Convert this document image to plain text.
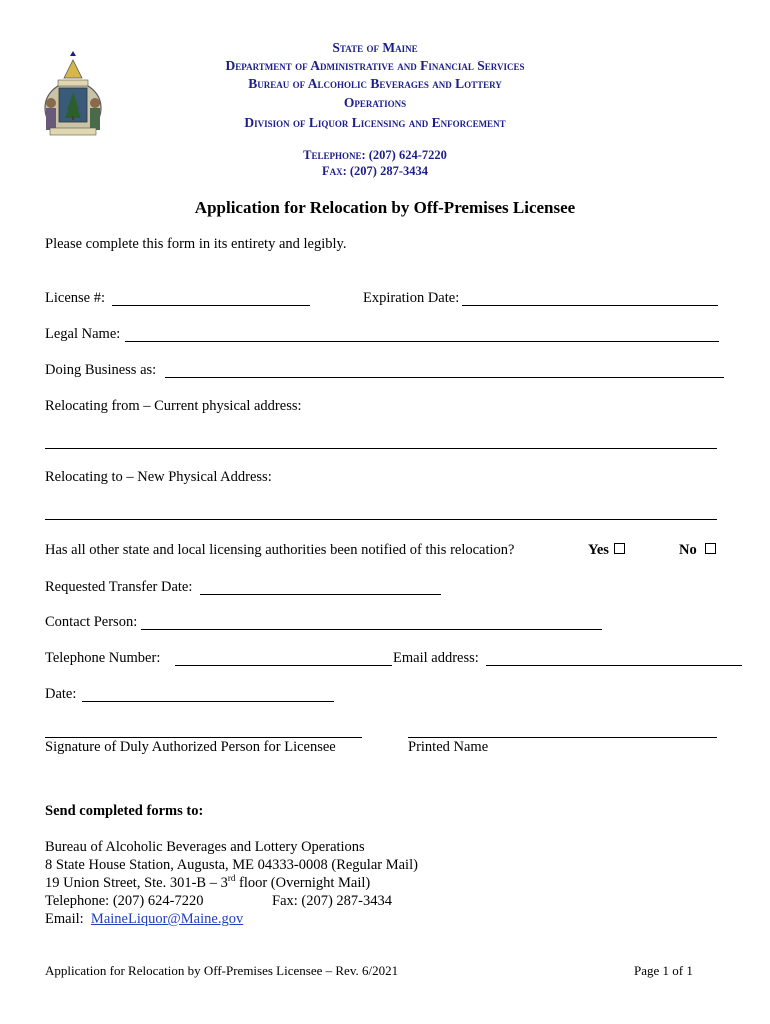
State of Maine
Department of Administrative and Financial Services
Bureau of Alcoholic Beverages and Lottery
Operations
Division of Liquor Licensing and Enforcement
Telephone: (207) 624-7220
Fax: (207) 287-3434
Application for Relocation by Off-Premises Licensee
Please complete this form in its entirety and legibly.
License #:	Expiration Date:
Legal Name:
Doing Business as:
Relocating from – Current physical address:
Relocating to – New Physical Address:
Has all other state and local licensing authorities been notified of this relocation?	Yes	No
Requested Transfer Date:
Contact Person:
Telephone Number:	Email address:
Date:
Signature of Duly Authorized Person for Licensee	Printed Name
Send completed forms to:
Bureau of Alcoholic Beverages and Lottery Operations
8 State House Station, Augusta, ME 04333-0008 (Regular Mail)
19 Union Street, Ste. 301-B – 3rd floor (Overnight Mail)
Telephone: (207) 624-7220	Fax: (207) 287-3434
Email: MaineLiquor@Maine.gov
Application for Relocation by Off-Premises Licensee – Rev. 6/2021	Page 1 of 1
